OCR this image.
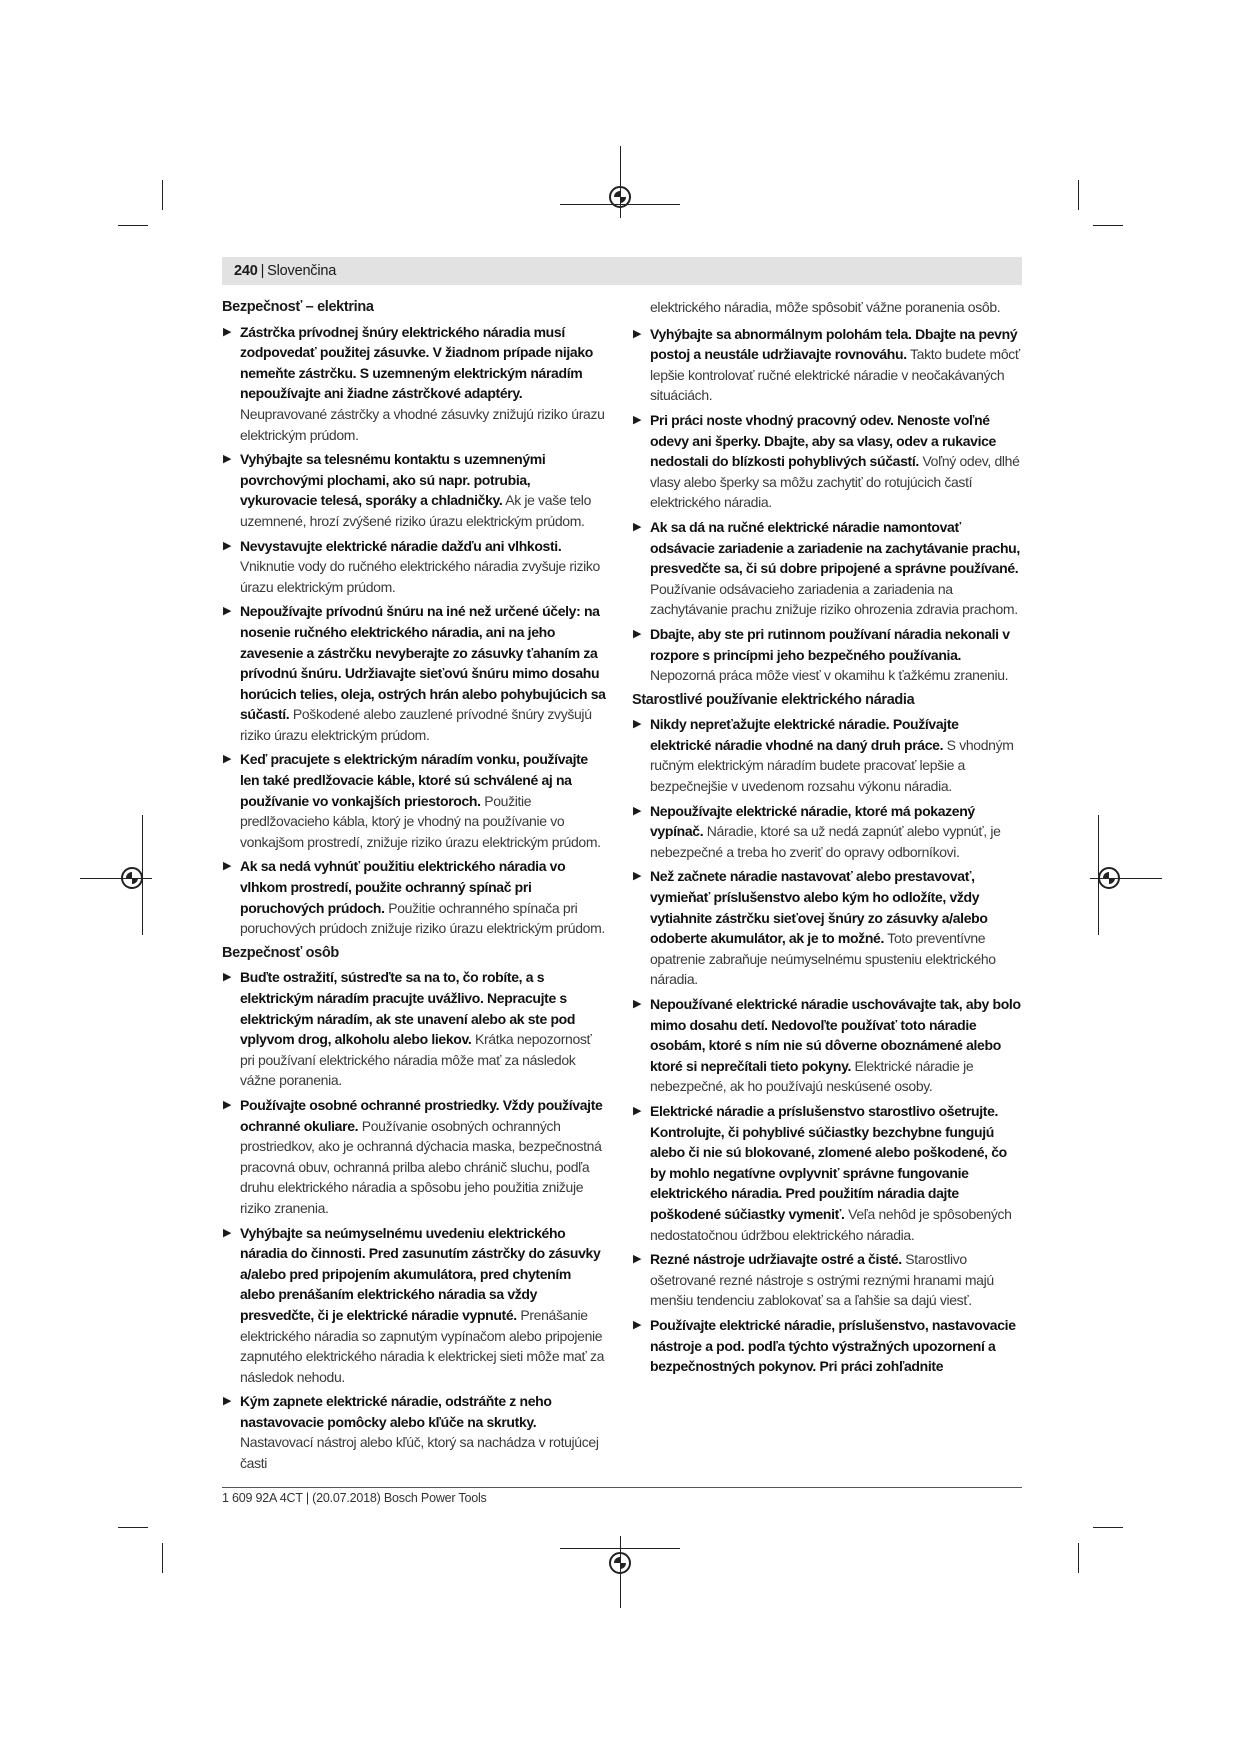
240 | Slovenčina
Bezpečnosť – elektrina
▶ Zástrčka prívodnej šnúry elektrického náradia musí zodpovedať použitej zásuvke. V žiadnom prípade nijako nemeňte zástrčku. S uzemneným elektrickým náradím nepoužívajte ani žiadne zástrčkové adaptéry. Neupravované zástrčky a vhodné zásuvky znižujú riziko úrazu elektrickým prúdom.
▶ Vyhýbajte sa telesnému kontaktu s uzemnenými povrchovými plochami, ako sú napr. potrubia, vykurovacie telesá, sporáky a chladničky. Ak je vaše telo uzemnené, hrozí zvýšené riziko úrazu elektrickým prúdom.
▶ Nevystavujte elektrické náradie dažďu ani vlhkosti. Vniknutie vody do ručného elektrického náradia zvyšuje riziko úrazu elektrickým prúdom.
▶ Nepoužívajte prívodnú šnúru na iné než určené účely: na nosenie ručného elektrického náradia, ani na jeho zavesenie a zástrčku nevyberajte zo zásuvky ťahaním za prívodnú šnúru. Udržiavajte sieťovú šnúru mimo dosahu horúcich telies, oleja, ostrých hrán alebo pohybujúcich sa súčastí. Poškodené alebo zauzlené prívodné šnúry zvyšujú riziko úrazu elektrickým prúdom.
▶ Keď pracujete s elektrickým náradím vonku, používajte len také predlžovacie káble, ktoré sú schválené aj na používanie vo vonkajších priestoroch. Použitie predlžovacieho kábla, ktorý je vhodný na používanie vo vonkajšom prostredí, znižuje riziko úrazu elektrickým prúdom.
▶ Ak sa nedá vyhnúť použitiu elektrického náradia vo vlhkom prostredí, použite ochranný spínač pri poruchových prúdoch. Použitie ochranného spínača pri poruchových prúdoch znižuje riziko úrazu elektrickým prúdom.
Bezpečnosť osôb
▶ Buďte ostražití, sústreďte sa na to, čo robíte, a s elektrickým náradím pracujte uvážlivo. Nepracujte s elektrickým náradím, ak ste unavení alebo ak ste pod vplyvom drog, alkoholu alebo liekov. Krátka nepozornosť pri používaní elektrického náradia môže mať za následok vážne poranenia.
▶ Používajte osobné ochranné prostriedky. Vždy používajte ochranné okuliare. Používanie osobných ochranných prostriedkov, ako je ochranná dýchacia maska, bezpečnostná pracovná obuv, ochranná prilba alebo chránič sluchu, podľa druhu elektrického náradia a spôsobu jeho použitia znižuje riziko zranenia.
▶ Vyhýbajte sa neúmyselnému uvedeniu elektrického náradia do činnosti. Pred zasunutím zástrčky do zásuvky a/alebo pred pripojením akumulátora, pred chytením alebo prenášaním elektrického náradia sa vždy presvedčte, či je elektrické náradie vypnuté. Prenášanie elektrického náradia so zapnutým vypínačom alebo pripojenie zapnutého elektrického náradia k elektrickej sieti môže mať za následok nehodu.
▶ Kým zapnete elektrické náradie, odstráňte z neho nastavovacie pomôcky alebo kľúče na skrutky. Nastavovací nástroj alebo kľúč, ktorý sa nachádza v rotujúcej časti
elektrického náradia, môže spôsobiť vážne poranenia osôb.
▶ Vyhýbajte sa abnormálnym polohám tela. Dbajte na pevný postoj a neustále udržiavajte rovnováhu. Takto budete môcť lepšie kontrolovať ručné elektrické náradie v neočakávaných situáciách.
▶ Pri práci noste vhodný pracovný odev. Nenoste voľné odevy ani šperky. Dbajte, aby sa vlasy, odev a rukavice nedostali do blízkosti pohyblivých súčastí. Voľný odev, dlhé vlasy alebo šperky sa môžu zachytiť do rotujúcich častí elektrického náradia.
▶ Ak sa dá na ručné elektrické náradie namontovať odsávacie zariadenie a zariadenie na zachytávanie prachu, presvedčte sa, či sú dobre pripojené a správne používané. Používanie odsávacieho zariadenia a zariadenia na zachytávanie prachu znižuje riziko ohrozenia zdravia prachom.
▶ Dbajte, aby ste pri rutinnom používaní náradia nekonali v rozpore s princípmi jeho bezpečného používania. Nepozorná práca môže viesť v okamihu k ťažkému zraneniu.
Starostlivé používanie elektrického náradia
▶ Nikdy nepreťažujte elektrické náradie. Používajte elektrické náradie vhodné na daný druh práce. S vhodným ručným elektrickým náradím budete pracovať lepšie a bezpečnejšie v uvedenom rozsahu výkonu náradia.
▶ Nepoužívajte elektrické náradie, ktoré má pokazený vypínač. Náradie, ktoré sa už nedá zapnúť alebo vypnúť, je nebezpečné a treba ho zveriť do opravy odborníkovi.
▶ Než začnete náradie nastavovať alebo prestavovať, vymieňať príslušenstvo alebo kým ho odložíte, vždy vytiahnite zástrčku sieťovej šnúry zo zásuvky a/alebo odoberte akumulátor, ak je to možné. Toto preventívne opatrenie zabraňuje neúmyselnému spusteniu elektrického náradia.
▶ Nepoužívané elektrické náradie uschovávajte tak, aby bolo mimo dosahu detí. Nedovoľte používať toto náradie osobám, ktoré s ním nie sú dôverne oboznámené alebo ktoré si neprečítali tieto pokyny. Elektrické náradie je nebezpečné, ak ho používajú neskúsené osoby.
▶ Elektrické náradie a príslušenstvo starostlivo ošetrujte. Kontrolujte, či pohyblivé súčiastky bezchybne fungujú alebo či nie sú blokované, zlomené alebo poškodené, čo by mohlo negatívne ovplyvniť správne fungovanie elektrického náradia. Pred použitím náradia dajte poškodené súčiastky vymeniť. Veľa nehôd je spôsobených nedostatočnou údržbou elektrického náradia.
▶ Rezné nástroje udržiavajte ostré a čisté. Starostlivo ošetrované rezné nástroje s ostrými reznými hranami majú menšiu tendenciu zablokovať sa a ľahšie sa dajú viesť.
▶ Používajte elektrické náradie, príslušenstvo, nastavovacie nástroje a pod. podľa týchto výstražných upozornení a bezpečnostných pokynov. Pri práci zohľadnite
1 609 92A 4CT | (20.07.2018) Bosch Power Tools
